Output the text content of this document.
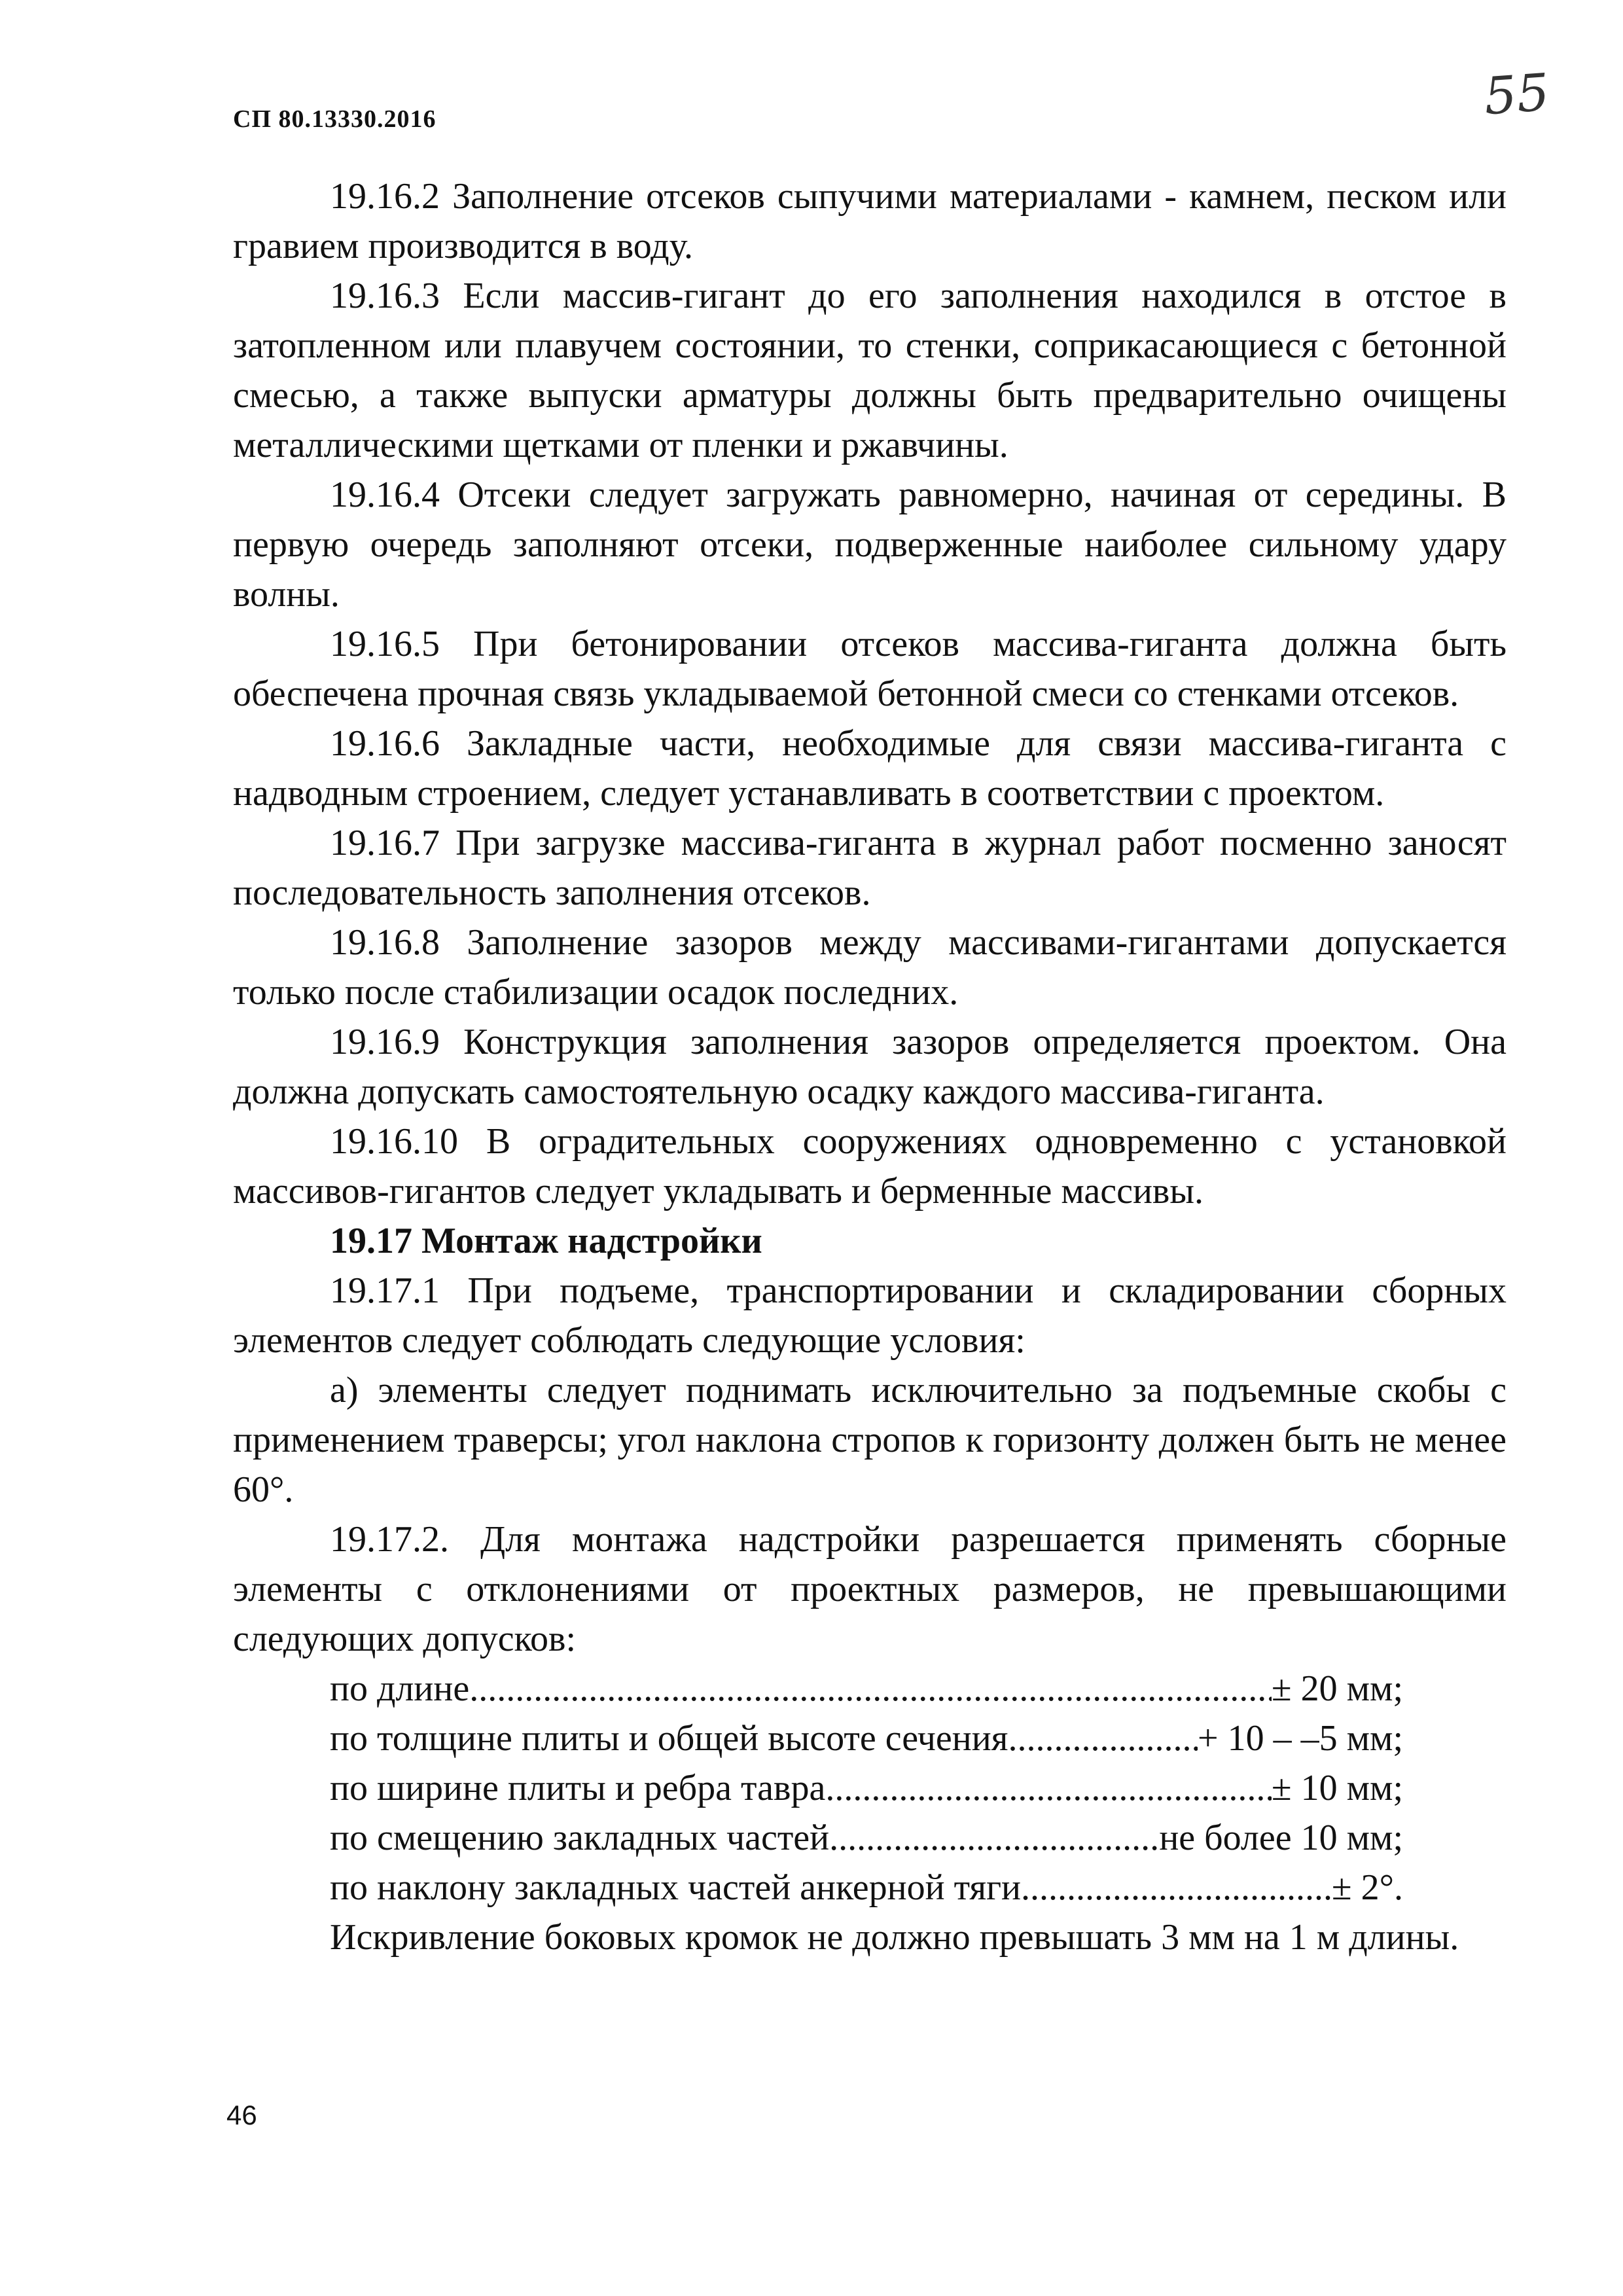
СП 80.13330.2016	55

19.16.2 Заполнение отсеков сыпучими материалами - камнем, песком или гравием производится в воду.

19.16.3 Если массив-гигант до его заполнения находился в отстое в затопленном или плавучем состоянии, то стенки, соприкасающиеся с бетонной смесью, а также выпуски арматуры должны быть предварительно очищены металлическими щетками от пленки и ржавчины.

19.16.4 Отсеки следует загружать равномерно, начиная от середины. В первую очередь заполняют отсеки, подверженные наиболее сильному удару волны.

19.16.5 При бетонировании отсеков массива-гиганта должна быть обеспечена прочная связь укладываемой бетонной смеси со стенками отсеков.

19.16.6 Закладные части, необходимые для связи массива-гиганта с надводным строением, следует устанавливать в соответствии с проектом.

19.16.7 При загрузке массива-гиганта в журнал работ посменно заносят последовательность заполнения отсеков.

19.16.8 Заполнение зазоров между массивами-гигантами допускается только после стабилизации осадок последних.

19.16.9 Конструкция заполнения зазоров определяется проектом. Она должна допускать самостоятельную осадку каждого массива-гиганта.

19.16.10 В оградительных сооружениях одновременно с установкой массивов-гигантов следует укладывать и берменные массивы.

19.17 Монтаж надстройки

19.17.1 При подъеме, транспортировании и складировании сборных элементов следует соблюдать следующие условия:

а) элементы следует поднимать исключительно за подъемные скобы с применением траверсы; угол наклона стропов к горизонту должен быть не менее 60°.

19.17.2. Для монтажа надстройки разрешается применять сборные элементы с отклонениями от проектных размеров, не превышающими следующих допусков:

по длине .....	± 20 мм;
по толщине плиты и общей высоте сечения .....	+ 10 – –5 мм;
по ширине плиты и ребра тавра .....	± 10 мм;
по смещению закладных частей .....	не более 10 мм;
по наклону закладных частей анкерной тяги .....	± 2°.

Искривление боковых кромок не должно превышать 3 мм на 1 м длины.

46
